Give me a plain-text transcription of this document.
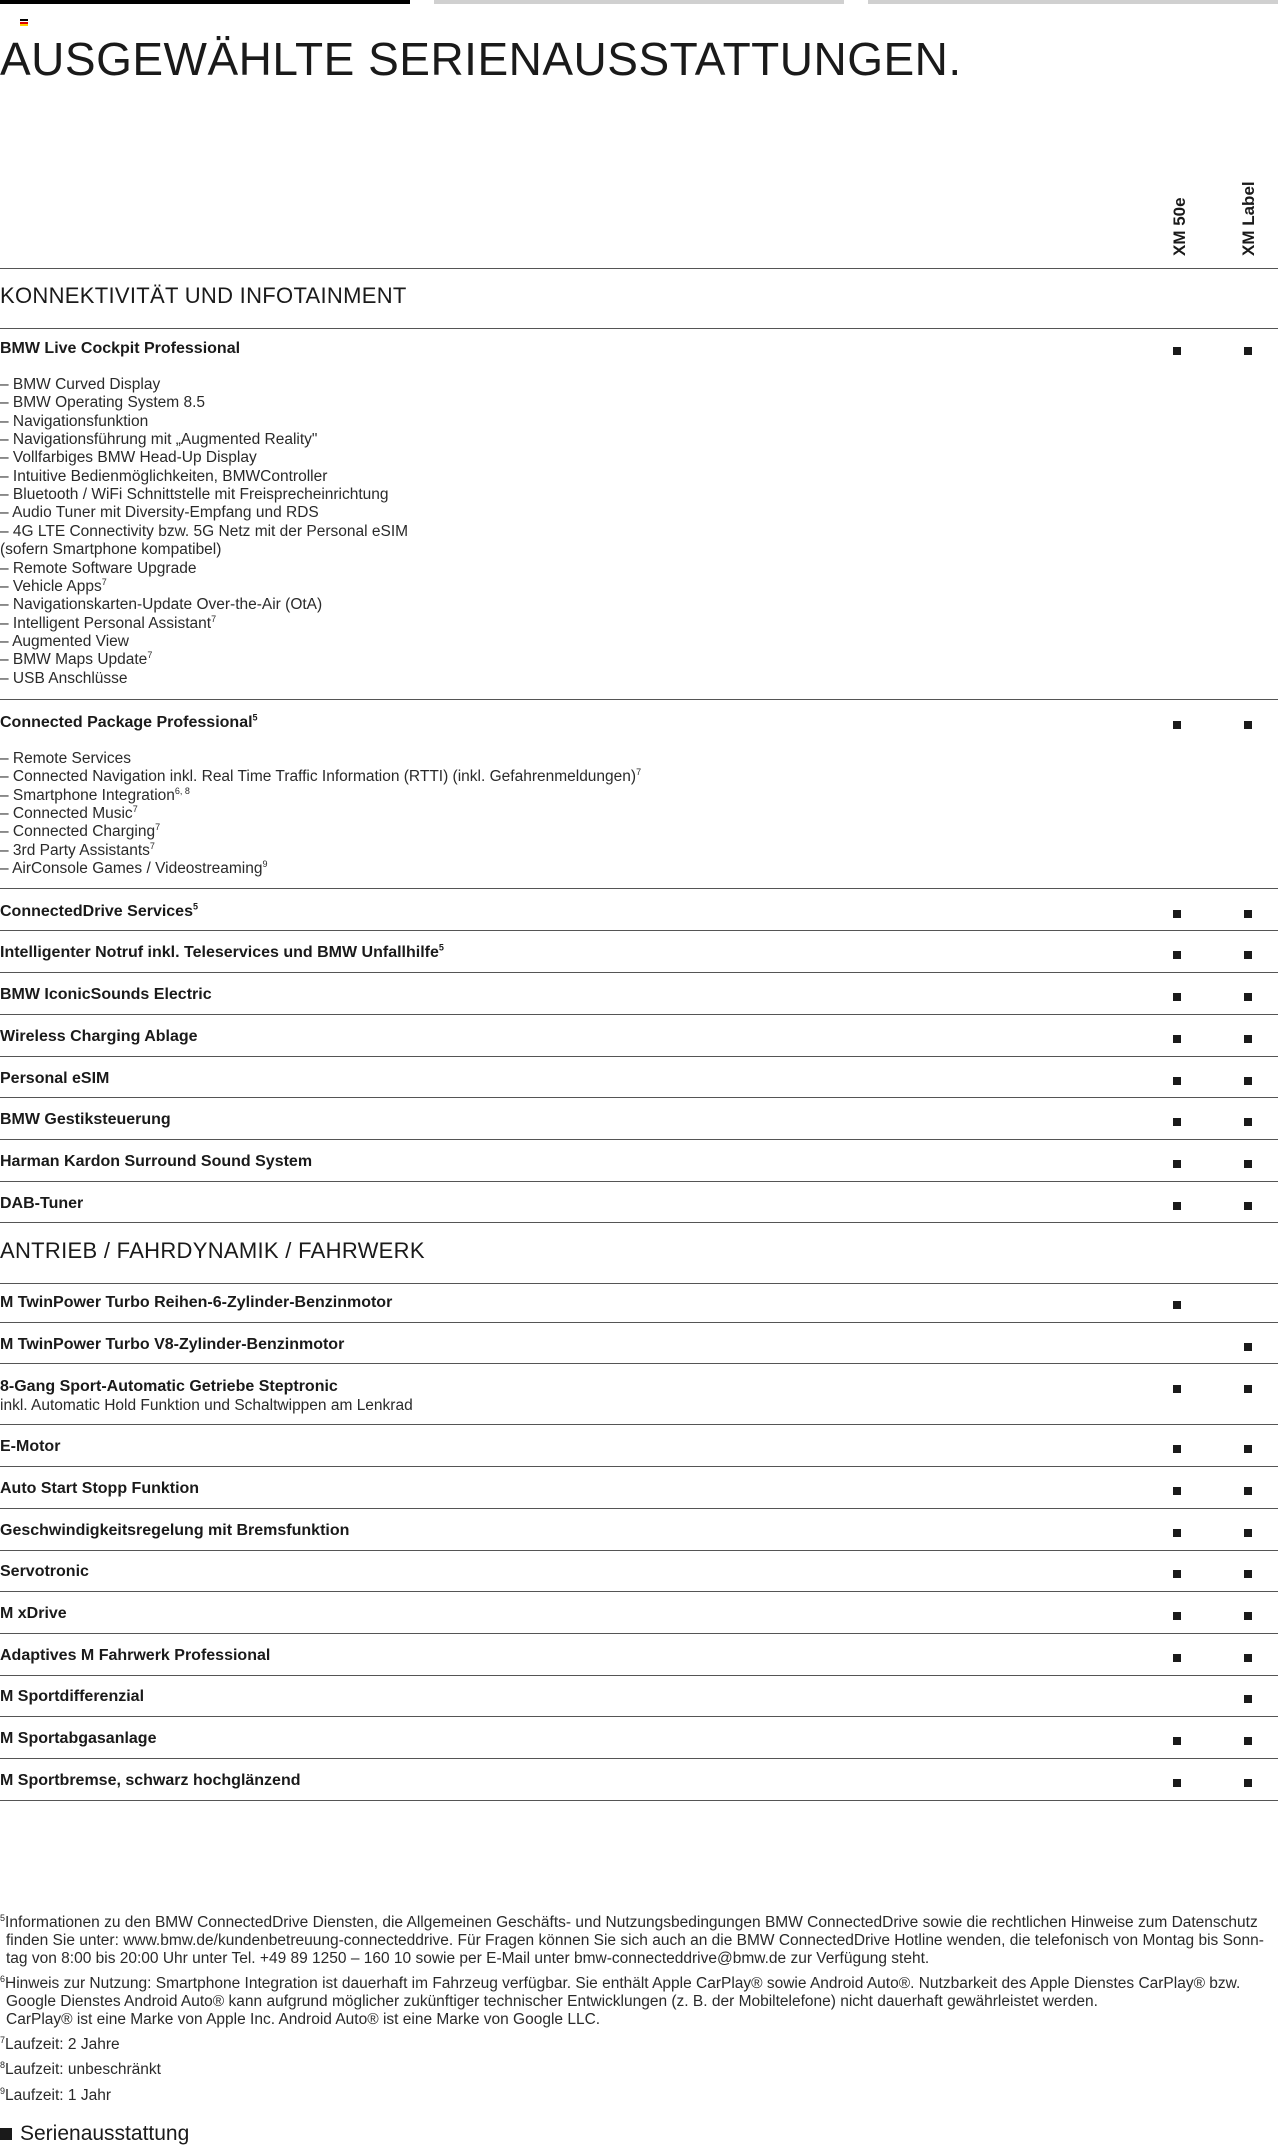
AUSGEWÄHLTE SERIENAUSSTATTUNGEN.
XM 50e	XM Label
KONNEKTIVITÄT UND INFOTAINMENT
ANTRIEB / FAHRDYNAMIK / FAHRWERK
BMW Live Cockpit Professional
– BMW Curved Display
– BMW Operating System 8.5
– Navigationsfunktion
– Navigationsführung mit „Augmented Reality"
– Vollfarbiges BMW Head-Up Display
– Intuitive Bedienmöglichkeiten, BMWController
– Bluetooth / WiFi Schnittstelle mit Freisprecheinrichtung
– Audio Tuner mit Diversity-Empfang und RDS
– 4G LTE Connectivity bzw. 5G Netz mit der Personal eSIM
(sofern Smartphone kompatibel)
– Remote Software Upgrade
– Vehicle Apps$^7$
– Navigationskarten-Update Over-the-Air (OtA)
– Intelligent Personal Assistant$^7$
– Augmented View
– BMW Maps Update$^7$
– USB Anschlüsse
Connected Package Professional$^5$
– Remote Services
– Connected Navigation inkl. Real Time Traffic Information (RTTI) (inkl. Gefahrenmeldungen)$^7$
– Smartphone Integration$^{6, 8}$
– Connected Music$^7$
– Connected Charging$^7$
– 3rd Party Assistants$^7$
– AirConsole Games / Videostreaming$^9$
ConnectedDrive Services$^5$
Intelligenter Notruf inkl. Teleservices und BMW Unfallhilfe$^5$
BMW IconicSounds Electric
Wireless Charging Ablage
Personal eSIM
BMW Gestiksteuerung
Harman Kardon Surround Sound System
DAB-Tuner
M TwinPower Turbo Reihen-6-Zylinder-Benzinmotor
M TwinPower Turbo V8-Zylinder-Benzinmotor
8-Gang Sport-Automatic Getriebe Steptronic
inkl. Automatic Hold Funktion und Schaltwippen am Lenkrad
E-Motor
Auto Start Stopp Funktion
Geschwindigkeitsregelung mit Bremsfunktion
Servotronic
M xDrive
Adaptives M Fahrwerk Professional
M Sportdifferenzial
M Sportabgasanlage
M Sportbremse, schwarz hochglänzend
$^5$Informationen zu den BMW ConnectedDrive Diensten, die Allgemeinen Geschäfts- und Nutzungsbedingungen BMW ConnectedDrive sowie die rechtlichen Hinweise zum Datenschutz
finden Sie unter: www.bmw.de/kundenbetreuung-connecteddrive. Für Fragen können Sie sich auch an die BMW ConnectedDrive Hotline wenden, die telefonisch von Montag bis Sonn-
tag von 8:00 bis 20:00 Uhr unter Tel. +49 89 1250 – 160 10 sowie per E-Mail unter bmw-connecteddrive@bmw.de zur Verfügung steht.
$^6$Hinweis zur Nutzung: Smartphone Integration ist dauerhaft im Fahrzeug verfügbar. Sie enthält Apple CarPlay® sowie Android Auto®. Nutzbarkeit des Apple Dienstes CarPlay® bzw.
Google Dienstes Android Auto® kann aufgrund möglicher zukünftiger technischer Entwicklungen (z. B. der Mobiltelefone) nicht dauerhaft gewährleistet werden.
CarPlay® ist eine Marke von Apple Inc. Android Auto® ist eine Marke von Google LLC.
$^7$Laufzeit: 2 Jahre
$^8$Laufzeit: unbeschränkt
$^9$Laufzeit: 1 Jahr
Serienausstattung
